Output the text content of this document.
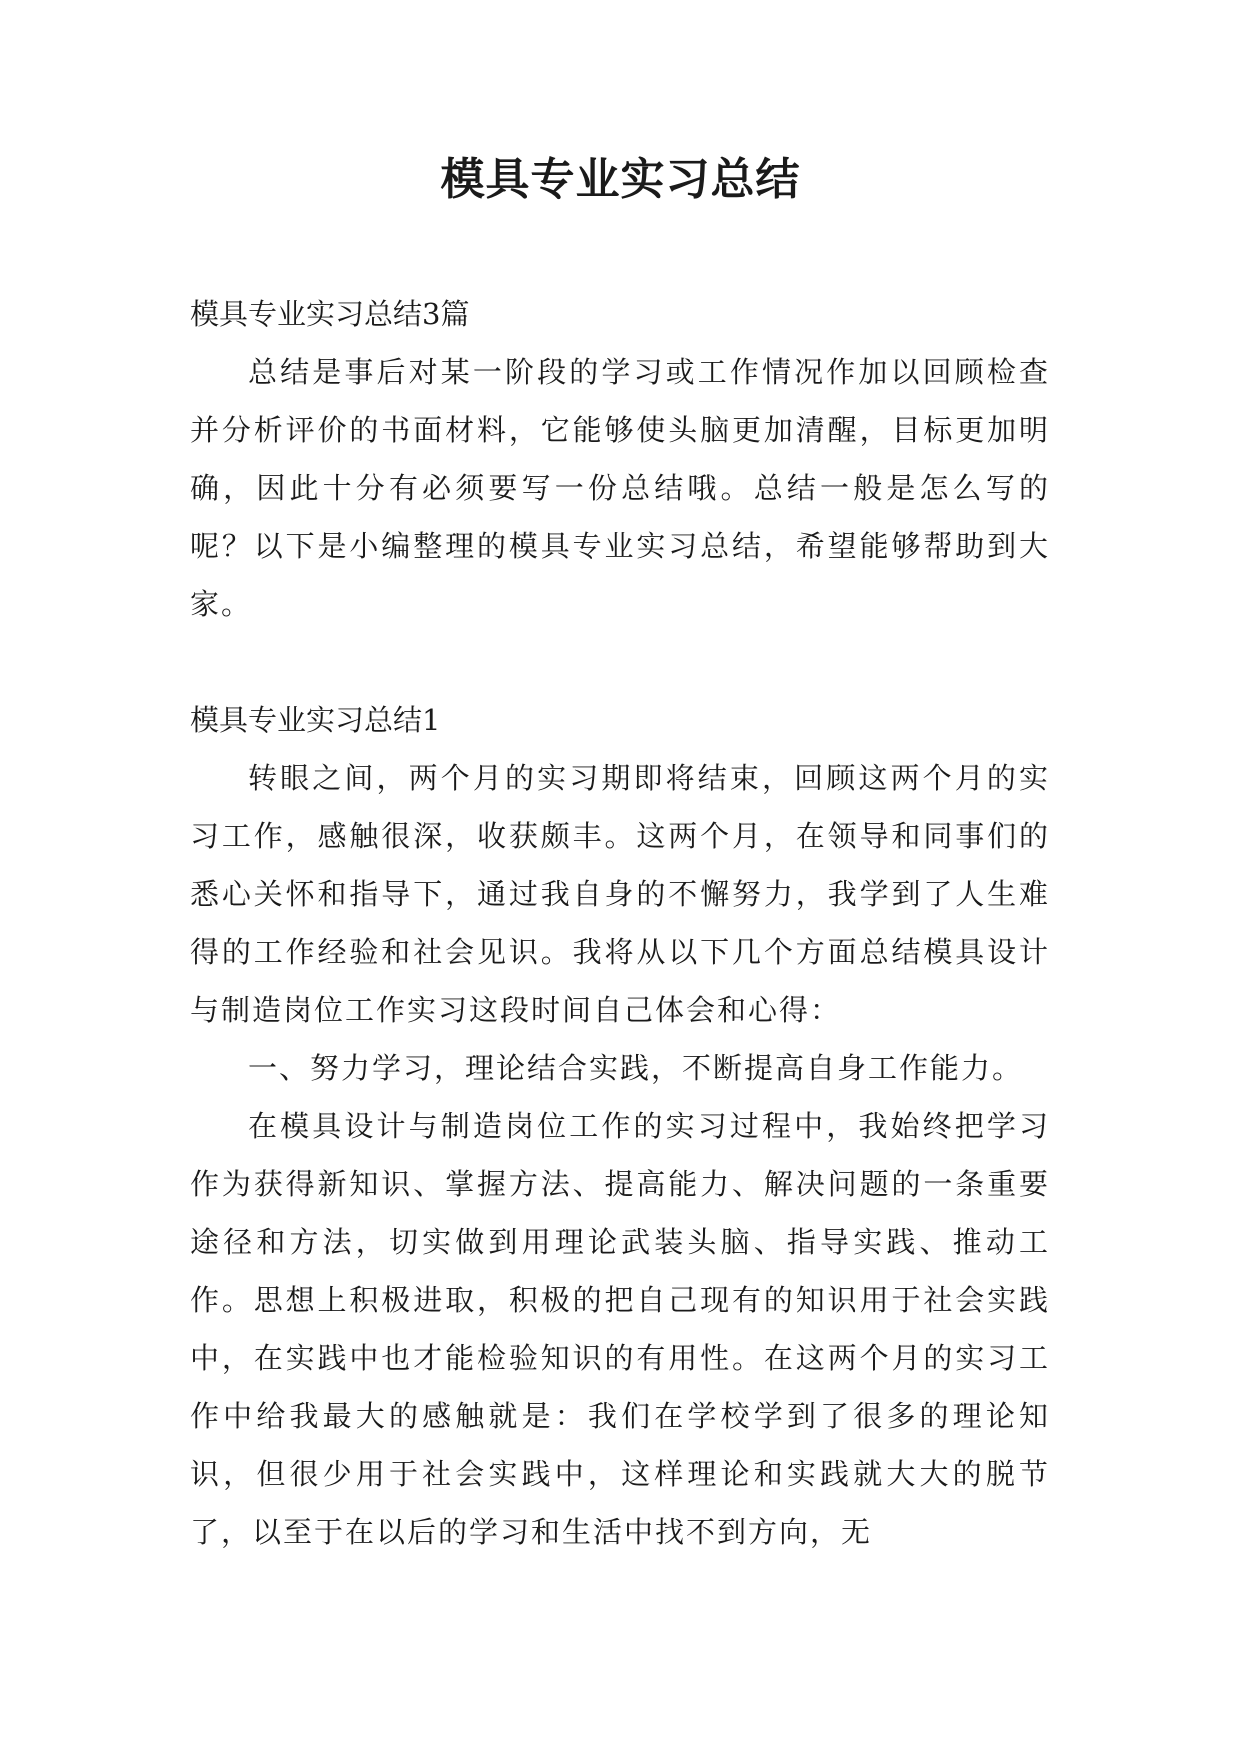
模具专业实习总结

模具专业实习总结3篇

总结是事后对某一阶段的学习或工作情况作加以回顾检查并分析评价的书面材料，它能够使头脑更加清醒，目标更加明确，因此十分有必须要写一份总结哦。总结一般是怎么写的呢？以下是小编整理的模具专业实习总结，希望能够帮助到大家。

模具专业实习总结1

转眼之间，两个月的实习期即将结束，回顾这两个月的实习工作，感触很深，收获颇丰。这两个月，在领导和同事们的悉心关怀和指导下，通过我自身的不懈努力，我学到了人生难得的工作经验和社会见识。我将从以下几个方面总结模具设计与制造岗位工作实习这段时间自己体会和心得：

一、努力学习，理论结合实践，不断提高自身工作能力。

在模具设计与制造岗位工作的实习过程中，我始终把学习作为获得新知识、掌握方法、提高能力、解决问题的一条重要途径和方法，切实做到用理论武装头脑、指导实践、推动工作。思想上积极进取，积极的把自己现有的知识用于社会实践中，在实践中也才能检验知识的有用性。在这两个月的实习工作中给我最大的感触就是：我们在学校学到了很多的理论知识，但很少用于社会实践中，这样理论和实践就大大的脱节了，以至于在以后的学习和生活中找不到方向，无
